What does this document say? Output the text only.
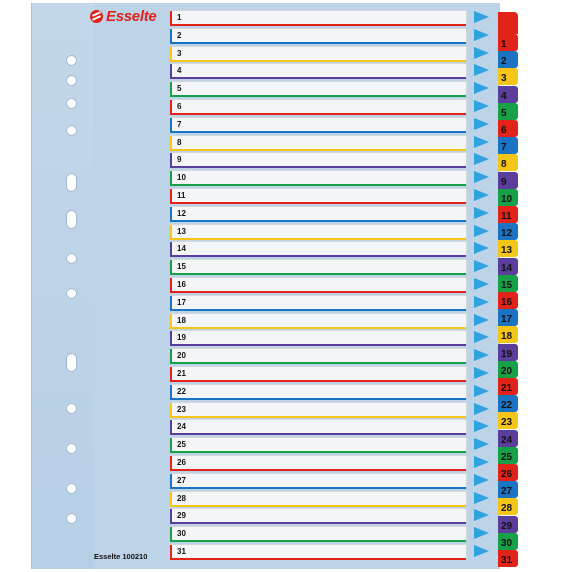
Esselte
Esselte 100210
1
2
3
4
5
6
7
8
9
10
11
12
13
14
15
16
17
18
19
20
21
22
23
24
25
26
27
28
29
30
31
1
2
3
4
5
6
7
8
9
10
11
12
13
14
15
16
17
18
19
20
21
22
23
24
25
26
27
28
29
30
31
